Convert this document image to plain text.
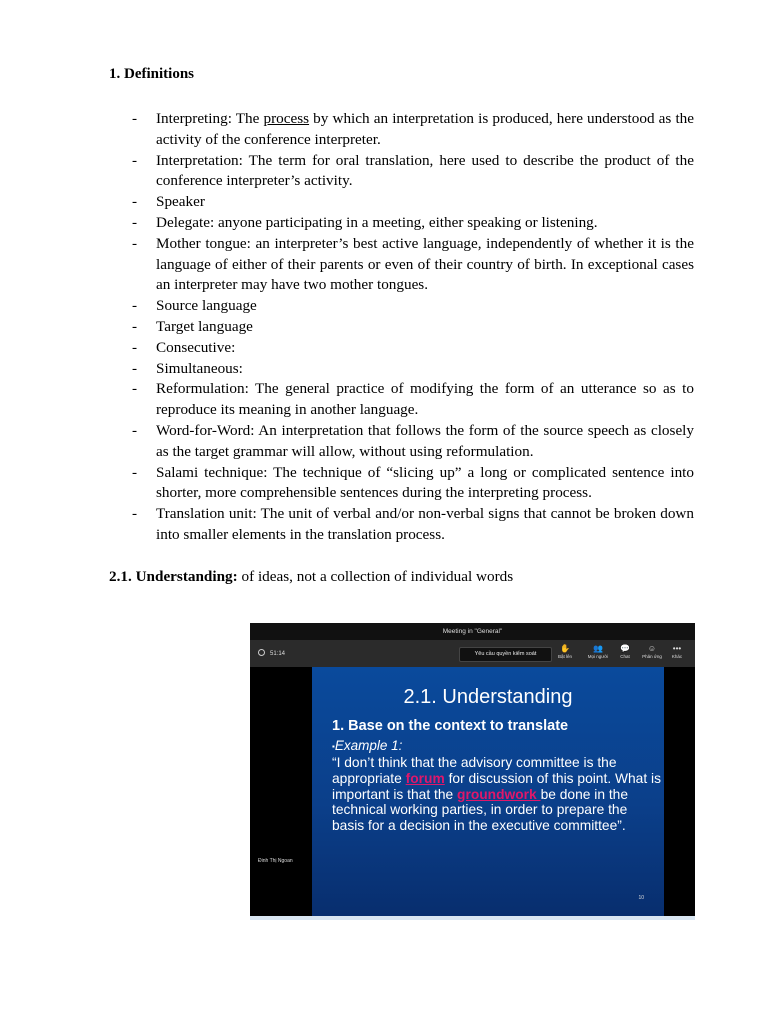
1. Definitions
- Interpreting: The process by which an interpretation is produced, here understood as the activity of the conference interpreter.
- Interpretation: The term for oral translation, here used to describe the product of the conference interpreter’s activity.
- Speaker
- Delegate: anyone participating in a meeting, either speaking or listening.
- Mother tongue: an interpreter’s best active language, independently of whether it is the language of either of their parents or even of their country of birth. In exceptional cases an interpreter may have two mother tongues.
- Source language
- Target language
- Consecutive:
- Simultaneous:
- Reformulation: The general practice of modifying the form of an utterance so as to reproduce its meaning in another language.
- Word-for-Word: An interpretation that follows the form of the source speech as closely as the target grammar will allow, without using reformulation.
- Salami technique: The technique of “slicing up” a long or complicated sentence into shorter, more comprehensible sentences during the interpreting process.
- Translation unit: The unit of verbal and/or non-verbal signs that cannot be broken down into smaller elements in the translation process.

2.1. Understanding: of ideas, not a collection of individual words

Meeting in "General"
51:14	Yêu cầu quyền kiểm soát
✋
Bật lên
👥
Mọi người
💬
Chat
☺
Phản ứng
•••
Khác
2.1. Understanding
1. Base on the context to translate
▪Example 1:
“I don’t think that the advisory committee is the appropriate forum for discussion of this point. What is important is that the groundwork be done in the technical working parties, in order to prepare the basis for a decision in the executive committee”.
10
Đinh Thị Ngoan
